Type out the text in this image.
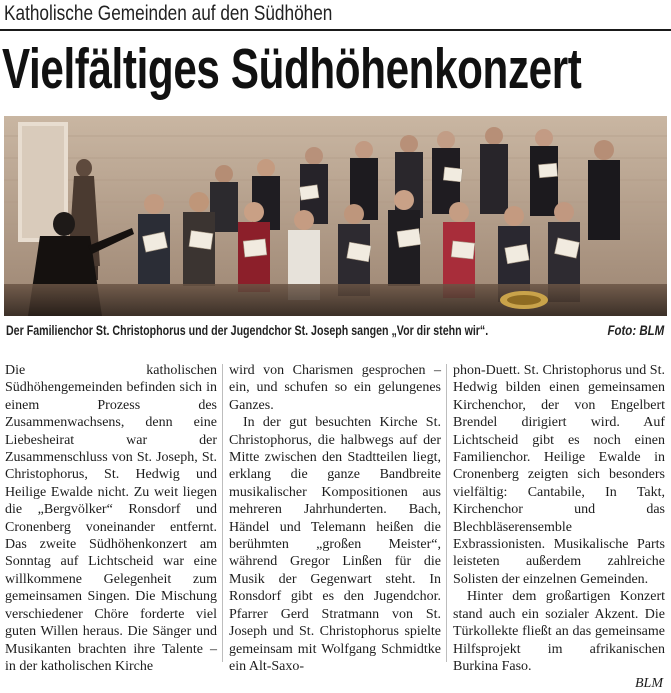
Katholische Gemeinden auf den Südhöhen
Vielfältiges Südhöhenkonzert
Der Familienchor St. Christophorus und der Jugendchor St. Joseph sangen „Vor dir stehn wir“.	Foto: BLM

Die katholischen Südhöhengemeinden befinden sich in einem Prozess des Zusammenwachsens, denn eine Liebesheirat war der Zusammenschluss von St. Joseph, St. Christophorus, St. Hedwig und Heilige Ewalde nicht. Zu weit liegen die „Bergvölker“ Ronsdorf und Cronenberg voneinander entfernt. Das zweite Südhöhenkonzert am Sonntag auf Lichtscheid war eine willkommene Gelegenheit zum gemeinsamen Singen. Die Mischung verschiedener Chöre forderte viel guten Willen heraus. Die Sänger und Musikanten brachten ihre Talente – in der katholischen Kirche

wird von Charismen gesprochen – ein, und schufen so ein gelungenes Ganzes.

In der gut besuchten Kirche St. Christophorus, die halbwegs auf der Mitte zwischen den Stadtteilen liegt, erklang die ganze Bandbreite musikalischer Kompositionen aus mehreren Jahrhunderten. Bach, Händel und Telemann heißen die berühmten „großen Meister“, während Gregor Linßen für die Musik der Gegenwart steht. In Ronsdorf gibt es den Jugendchor. Pfarrer Gerd Stratmann von St. Joseph und St. Christophorus spielte gemeinsam mit Wolfgang Schmidtke ein Alt-Saxo-

phon-Duett. St. Christophorus und St. Hedwig bilden einen gemeinsamen Kirchenchor, der von Engelbert Brendel dirigiert wird. Auf Lichtscheid gibt es noch einen Familienchor. Heilige Ewalde in Cronenberg zeigten sich besonders vielfältig: Cantabile, In Takt, Kirchenchor und das Blechbläserensemble Exbrassionisten. Musikalische Parts leisteten außerdem zahlreiche Solisten der einzelnen Gemeinden.

Hinter dem großartigen Konzert stand auch ein sozialer Akzent. Die Türkollekte fließt an das gemeinsame Hilfsprojekt im afrikanischen Burkina Faso.

BLM
